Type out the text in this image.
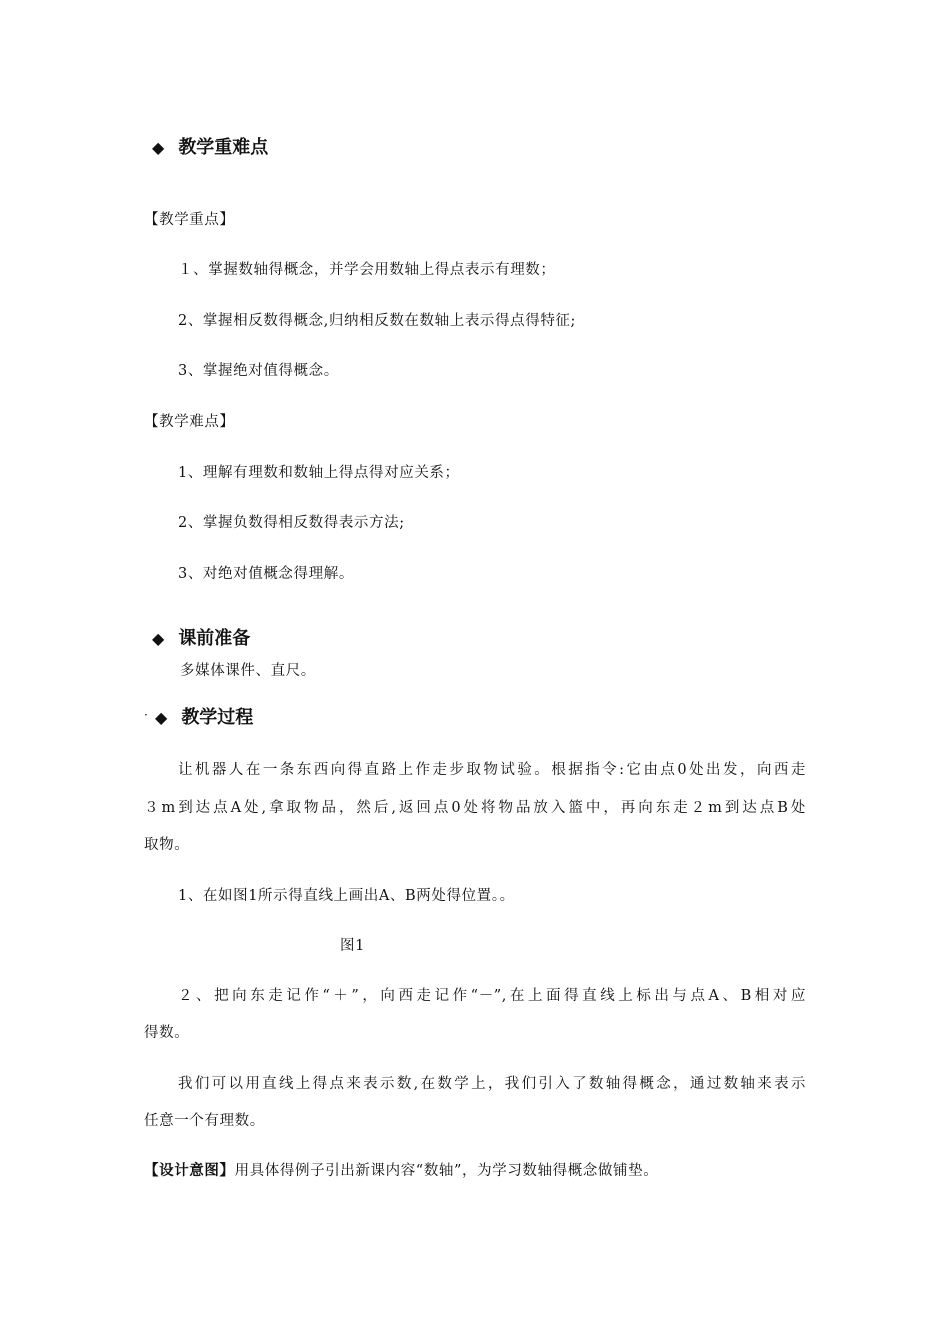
◆ 教学重难点
【教学重点】
１、掌握数轴得概念，并学会用数轴上得点表示有理数；
2、掌握相反数得概念,归纳相反数在数轴上表示得点得特征;
3、掌握绝对值得概念。
【教学难点】
1、理解有理数和数轴上得点得对应关系；
2、掌握负数得相反数得表示方法;
3、对绝对值概念得理解。
◆ 课前准备
多媒体课件、直尺。
· ◆ 教学过程
让机器人在一条东西向得直路上作走步取物试验。根据指令:它由点0处出发，向西走
３m到达点A处,拿取物品，然后,返回点0处将物品放入篮中，再向东走２m到达点B处
取物。
1、在如图1所示得直线上画出A、B两处得位置。。
图1
２、把向东走记作“＋”，向西走记作“－”,在上面得直线上标出与点A、B相对应
得数。
我们可以用直线上得点来表示数,在数学上，我们引入了数轴得概念，通过数轴来表示
任意一个有理数。
【设计意图】用具体得例子引出新课内容“数轴”，为学习数轴得概念做铺垫。
